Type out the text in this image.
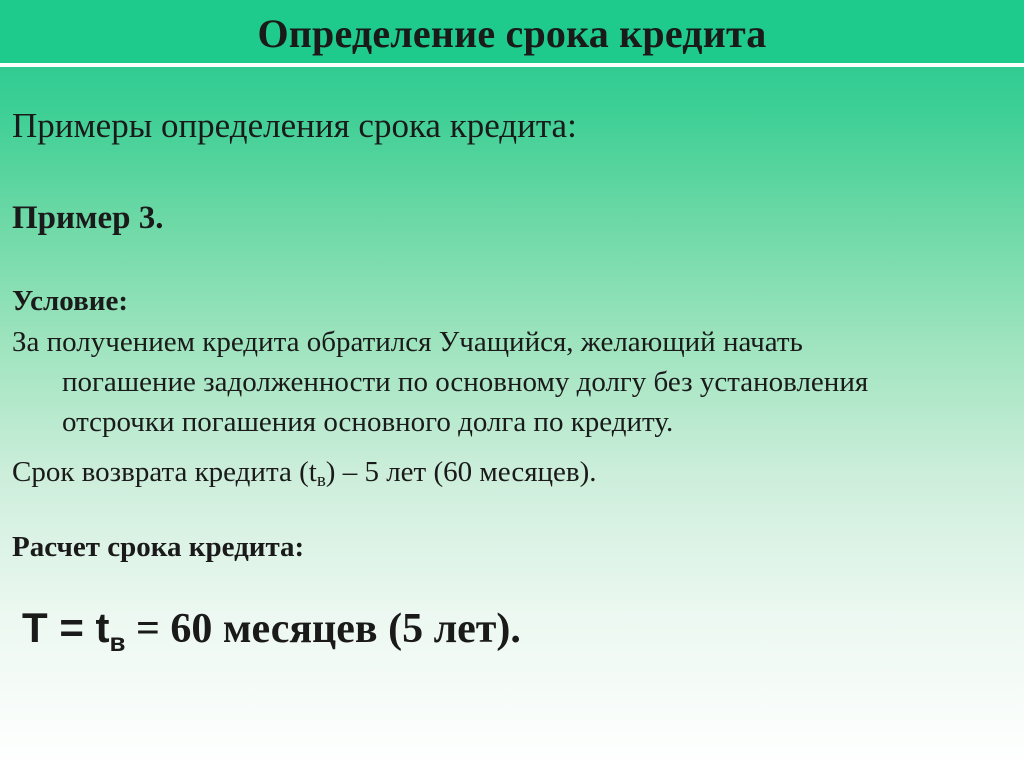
Определение срока кредита
Примеры определения срока кредита:
Пример 3.
Условие:
За получением кредита обратился Учащийся, желающий начать
погашение задолженности по основному долгу без установления
отсрочки погашения основного долга по кредиту.
Срок возврата кредита $(t_в) - 5$ лет (60 месяцев).
Расчет срока кредита:
$T = t_в = 60$ месяцев (5 лет).
